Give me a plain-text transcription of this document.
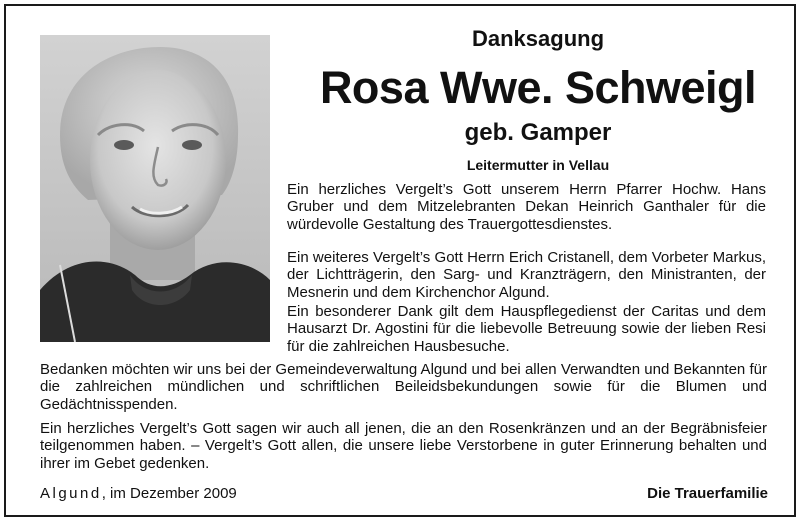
Danksagung

Rosa Wwe. Schweigl

geb. Gamper

Leitermutter in Vellau

Ein herzliches Vergelt’s Gott unserem Herrn Pfarrer Hochw. Hans Gruber und dem Mitzelebranten Dekan Heinrich Ganthaler für die würdevolle Gestaltung des Trauergottesdienstes.

Ein weiteres Vergelt’s Gott Herrn Erich Cristanell, dem Vorbeter Markus, der Lichtträgerin, den Sarg- und Kranzträgern, den Ministranten, der Mesnerin und dem Kirchenchor Algund.

Ein besonderer Dank gilt dem Hauspflegedienst der Caritas und dem Hausarzt Dr. Agostini für die liebevolle Betreuung sowie der lieben Resi für die zahlreichen Hausbesuche.

Bedanken möchten wir uns bei der Gemeindeverwaltung Algund und bei allen Verwandten und Bekannten für die zahlreichen mündlichen und schriftlichen Beileidsbekundungen sowie für die Blumen und Gedächtnisspenden.

Ein herzliches Vergelt’s Gott sagen wir auch all jenen, die an den Rosenkränzen und an der Begräbnisfeier teilgenommen haben. – Vergelt’s Gott allen, die unsere liebe Verstorbene in guter Erinnerung behalten und ihrer im Gebet gedenken.

Algund, im Dezember 2009	Die Trauerfamilie
